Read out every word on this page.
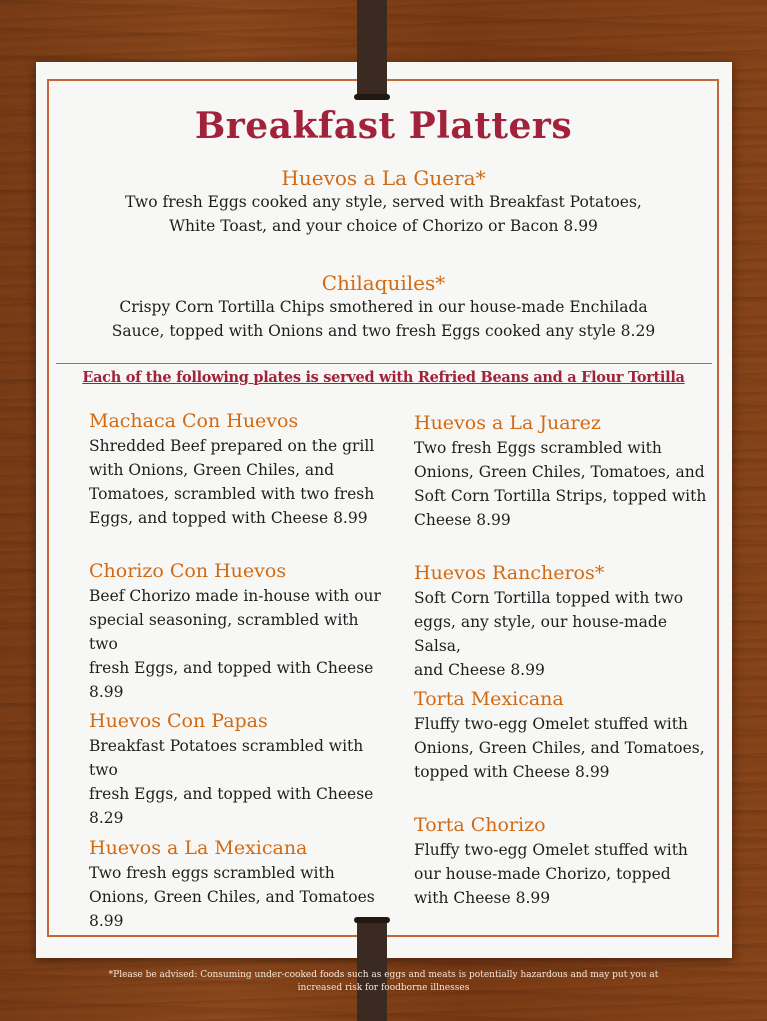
Breakfast Platters
Huevos a La Guera*
Two fresh Eggs cooked any style, served with Breakfast Potatoes,
White Toast, and your choice of Chorizo or Bacon 8.99
Chilaquiles*
Crispy Corn Tortilla Chips smothered in our house-made Enchilada
Sauce, topped with Onions and two fresh Eggs cooked any style 8.29
Each of the following plates is served with Refried Beans and a Flour Tortilla
Machaca Con Huevos
Shredded Beef prepared on the grill
with Onions, Green Chiles, and
Tomatoes, scrambled with two fresh
Eggs, and topped with Cheese 8.99
Chorizo Con Huevos
Beef Chorizo made in-house with our
special seasoning, scrambled with two
fresh Eggs, and topped with Cheese
8.99
Huevos Con Papas
Breakfast Potatoes scrambled with two
fresh Eggs, and topped with Cheese
8.29
Huevos a La Mexicana
Two fresh eggs scrambled with
Onions, Green Chiles, and Tomatoes
8.99
Huevos a La Juarez
Two fresh Eggs scrambled with
Onions, Green Chiles, Tomatoes, and
Soft Corn Tortilla Strips, topped with
Cheese 8.99
Huevos Rancheros*
Soft Corn Tortilla topped with two
eggs, any style, our house-made Salsa,
and Cheese 8.99
Torta Mexicana
Fluffy two-egg Omelet stuffed with
Onions, Green Chiles, and Tomatoes,
topped with Cheese 8.99
Torta Chorizo
Fluffy two-egg Omelet stuffed with
our house-made Chorizo, topped
with Cheese 8.99
*Please be advised: Consuming under-cooked foods such as eggs and meats is potentially hazardous and may put you at
increased risk for foodborne illnesses
